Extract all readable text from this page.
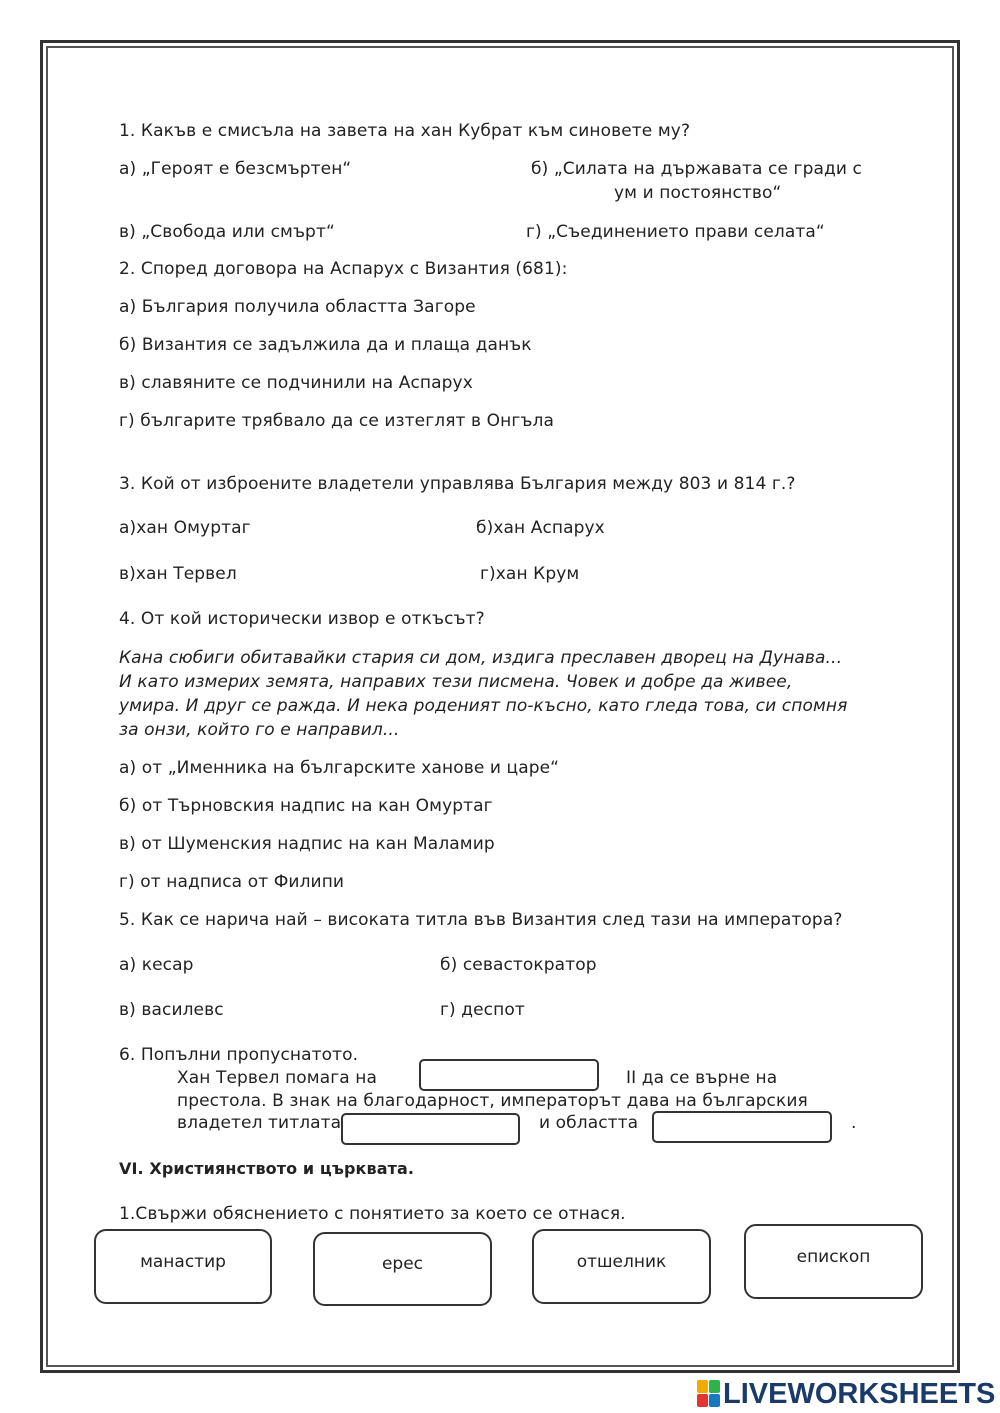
1. Какъв е смисъла на завета на хан Кубрат към синовете му?
а) „Героят е безсмъртен“	б) „Силата на държавата се гради с
ум и постоянство“
в) „Свобода или смърт“	г) „Съединението прави селата“
2. Според договора на Аспарух с Византия (681):
а) България получила областта Загоре
б) Византия се задължила да и плаща данък
в) славяните се подчинили на Аспарух
г) българите трябвало да се изтеглят в Онгъла
3. Кой от изброените владетели управлява България между 803 и 814 г.?
а)хан Омуртаг	б)хан Аспарух
в)хан Тервел	г)хан Крум
4. От кой исторически извор е откъсът?
Кана сюбиги обитавайки стария си дом, издига преславен дворец на Дунава...
И като измерих земята, направих тези писмена. Човек и добре да живее,
умира. И друг се ражда. И нека роденият по-късно, като гледа това, си спомня
за онзи, който го е направил...
а) от „Именника на българските ханове и царе“
б) от Търновския надпис на кан Омуртаг
в) от Шуменския надпис на кан Маламир
г) от надписа от Филипи
5. Как се нарича най – високата титла във Византия след тази на императора?
а) кесар	б) севастократор
в) василевс	г) деспот
6. Попълни пропуснатото.
Хан Тервел помага на	II да се върне на
престола. В знак на благодарност, императорът дава на българския
владетел титлата	и областта	.
VI. Християнството и църквата.
1.Свържи обяснението с понятието за което се отнася.
манастир	ерес	отшелник	епископ
LIVEWORKSHEETS
